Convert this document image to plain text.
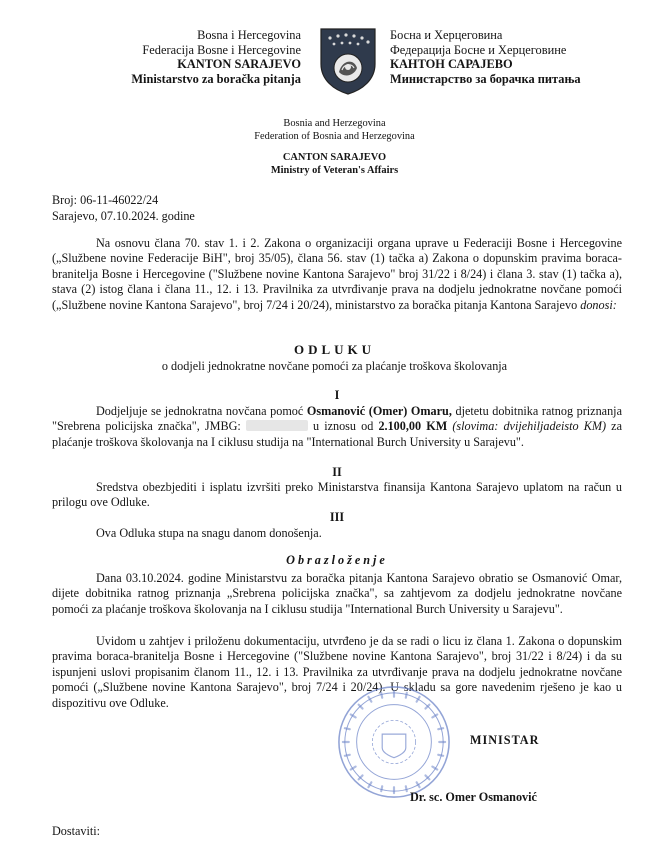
Bosna i Hercegovina
Federacija Bosne i Hercegovine
KANTON SARAJEVO
Ministarstvo za boračka pitanja
Босна и Херцеговина
Федерација Босне и Херцеговине
КАНТОН САРАЈЕВО
Министарство за борачка питања
Bosnia and Herzegovina
Federation of Bosnia and Herzegovina
CANTON SARAJEVO
Ministry of Veteran's Affairs
Broj: 06-11-46022/24
Sarajevo, 07.10.2024. godine

Na osnovu člana 70. stav 1. i 2. Zakona o organizaciji organa uprave u Federaciji Bosne i Hercegovine („Službene novine Federacije BiH", broj 35/05), člana 56. stav (1) tačka a) Zakona o dopunskim pravima boraca-branitelja Bosne i Hercegovine ("Službene novine Kantona Sarajevo" broj 31/22 i 8/24) i člana 3. stav (1) tačka a), stava (2) istog člana i člana 11., 12. i 13. Pravilnika za utvrđivanje prava na dodjelu jednokratne novčane pomoći („Službene novine Kantona Sarajevo", broj 7/24 i 20/24), ministarstvo za boračka pitanja Kantona Sarajevo donosi:

ODLUKU
o dodjeli jednokratne novčane pomoći za plaćanje troškova školovanja
I

Dodjeljuje se jednokratna novčana pomoć Osmanović (Omer) Omaru, djetetu dobitnika ratnog priznanja "Srebrena policijska značka", JMBG:	u iznosu od 2.100,00 KM (slovima: dvijehiljadeisto KM) za plaćanje troškova školovanja na I ciklusu studija na "International Burch University u Sarajevu".

II

Sredstva obezbjediti i isplatu izvršiti preko Ministarstva finansija Kantona Sarajevo uplatom na račun u prilogu ove Odluke.

III

Ova Odluka stupa na snagu danom donošenja.

Obrazloženje

Dana 03.10.2024. godine Ministarstvu za boračka pitanja Kantona Sarajevo obratio se Osmanović Omar, dijete dobitnika ratnog priznanja „Srebrena policijska značka", sa zahtjevom za dodjelu jednokratne novčane pomoći za plaćanje troškova školovanja na I ciklusu studija "International Burch University u Sarajevu".

Uvidom u zahtjev i priloženu dokumentaciju, utvrđeno je da se radi o licu iz člana 1. Zakona o dopunskim pravima boraca-branitelja Bosne i Hercegovine ("Službene novine Kantona Sarajevo", broj 31/22 i 8/24) i da su ispunjeni uslovi propisanim članom 11., 12. i 13. Pravilnika za utvrđivanje prava na dodjelu jednokratne novčane pomoći („Službene novine Kantona Sarajevo", broj 7/24 i 20/24). U skladu sa gore navedenim rješeno je kao u dispozitivu ove Odluke.

MINISTAR
Dr. sc. Omer Osmanović
Dostaviti:
